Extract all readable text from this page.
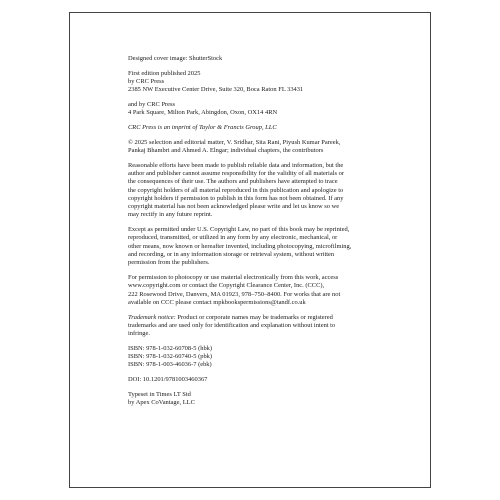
Designed cover image: ShutterStock

First edition published 2025
by CRC Press
2385 NW Executive Center Drive, Suite 320, Boca Raton FL 33431

and by CRC Press
4 Park Square, Milton Park, Abingdon, Oxon, OX14 4RN

CRC Press is an imprint of Taylor & Francis Group, LLC

© 2025 selection and editorial matter, V. Sridhar, Sita Rani, Piyush Kumar Pareek,
Pankaj Bhambri and Ahmed A. Elngar; individual chapters, the contributors

Reasonable efforts have been made to publish reliable data and information, but the
author and publisher cannot assume responsibility for the validity of all materials or
the consequences of their use. The authors and publishers have attempted to trace
the copyright holders of all material reproduced in this publication and apologize to
copyright holders if permission to publish in this form has not been obtained. If any
copyright material has not been acknowledged please write and let us know so we
may rectify in any future reprint.

Except as permitted under U.S. Copyright Law, no part of this book may be reprinted,
reproduced, transmitted, or utilized in any form by any electronic, mechanical, or
other means, now known or hereafter invented, including photocopying, microfilming,
and recording, or in any information storage or retrieval system, without written
permission from the publishers.

For permission to photocopy or use material electronically from this work, access
www.copyright.com or contact the Copyright Clearance Center, Inc. (CCC),
222 Rosewood Drive, Danvers, MA 01923, 978–750–8400. For works that are not
available on CCC please contact mpkbookspermissions@tandf.co.uk

Trademark notice: Product or corporate names may be trademarks or registered
trademarks and are used only for identification and explanation without intent to
infringe.

ISBN: 978-1-032-60708-5 (hbk)
ISBN: 978-1-032-60740-5 (pbk)
ISBN: 978-1-003-46036-7 (ebk)

DOI: 10.1201/9781003460367

Typeset in Times LT Std
by Apex CoVantage, LLC
